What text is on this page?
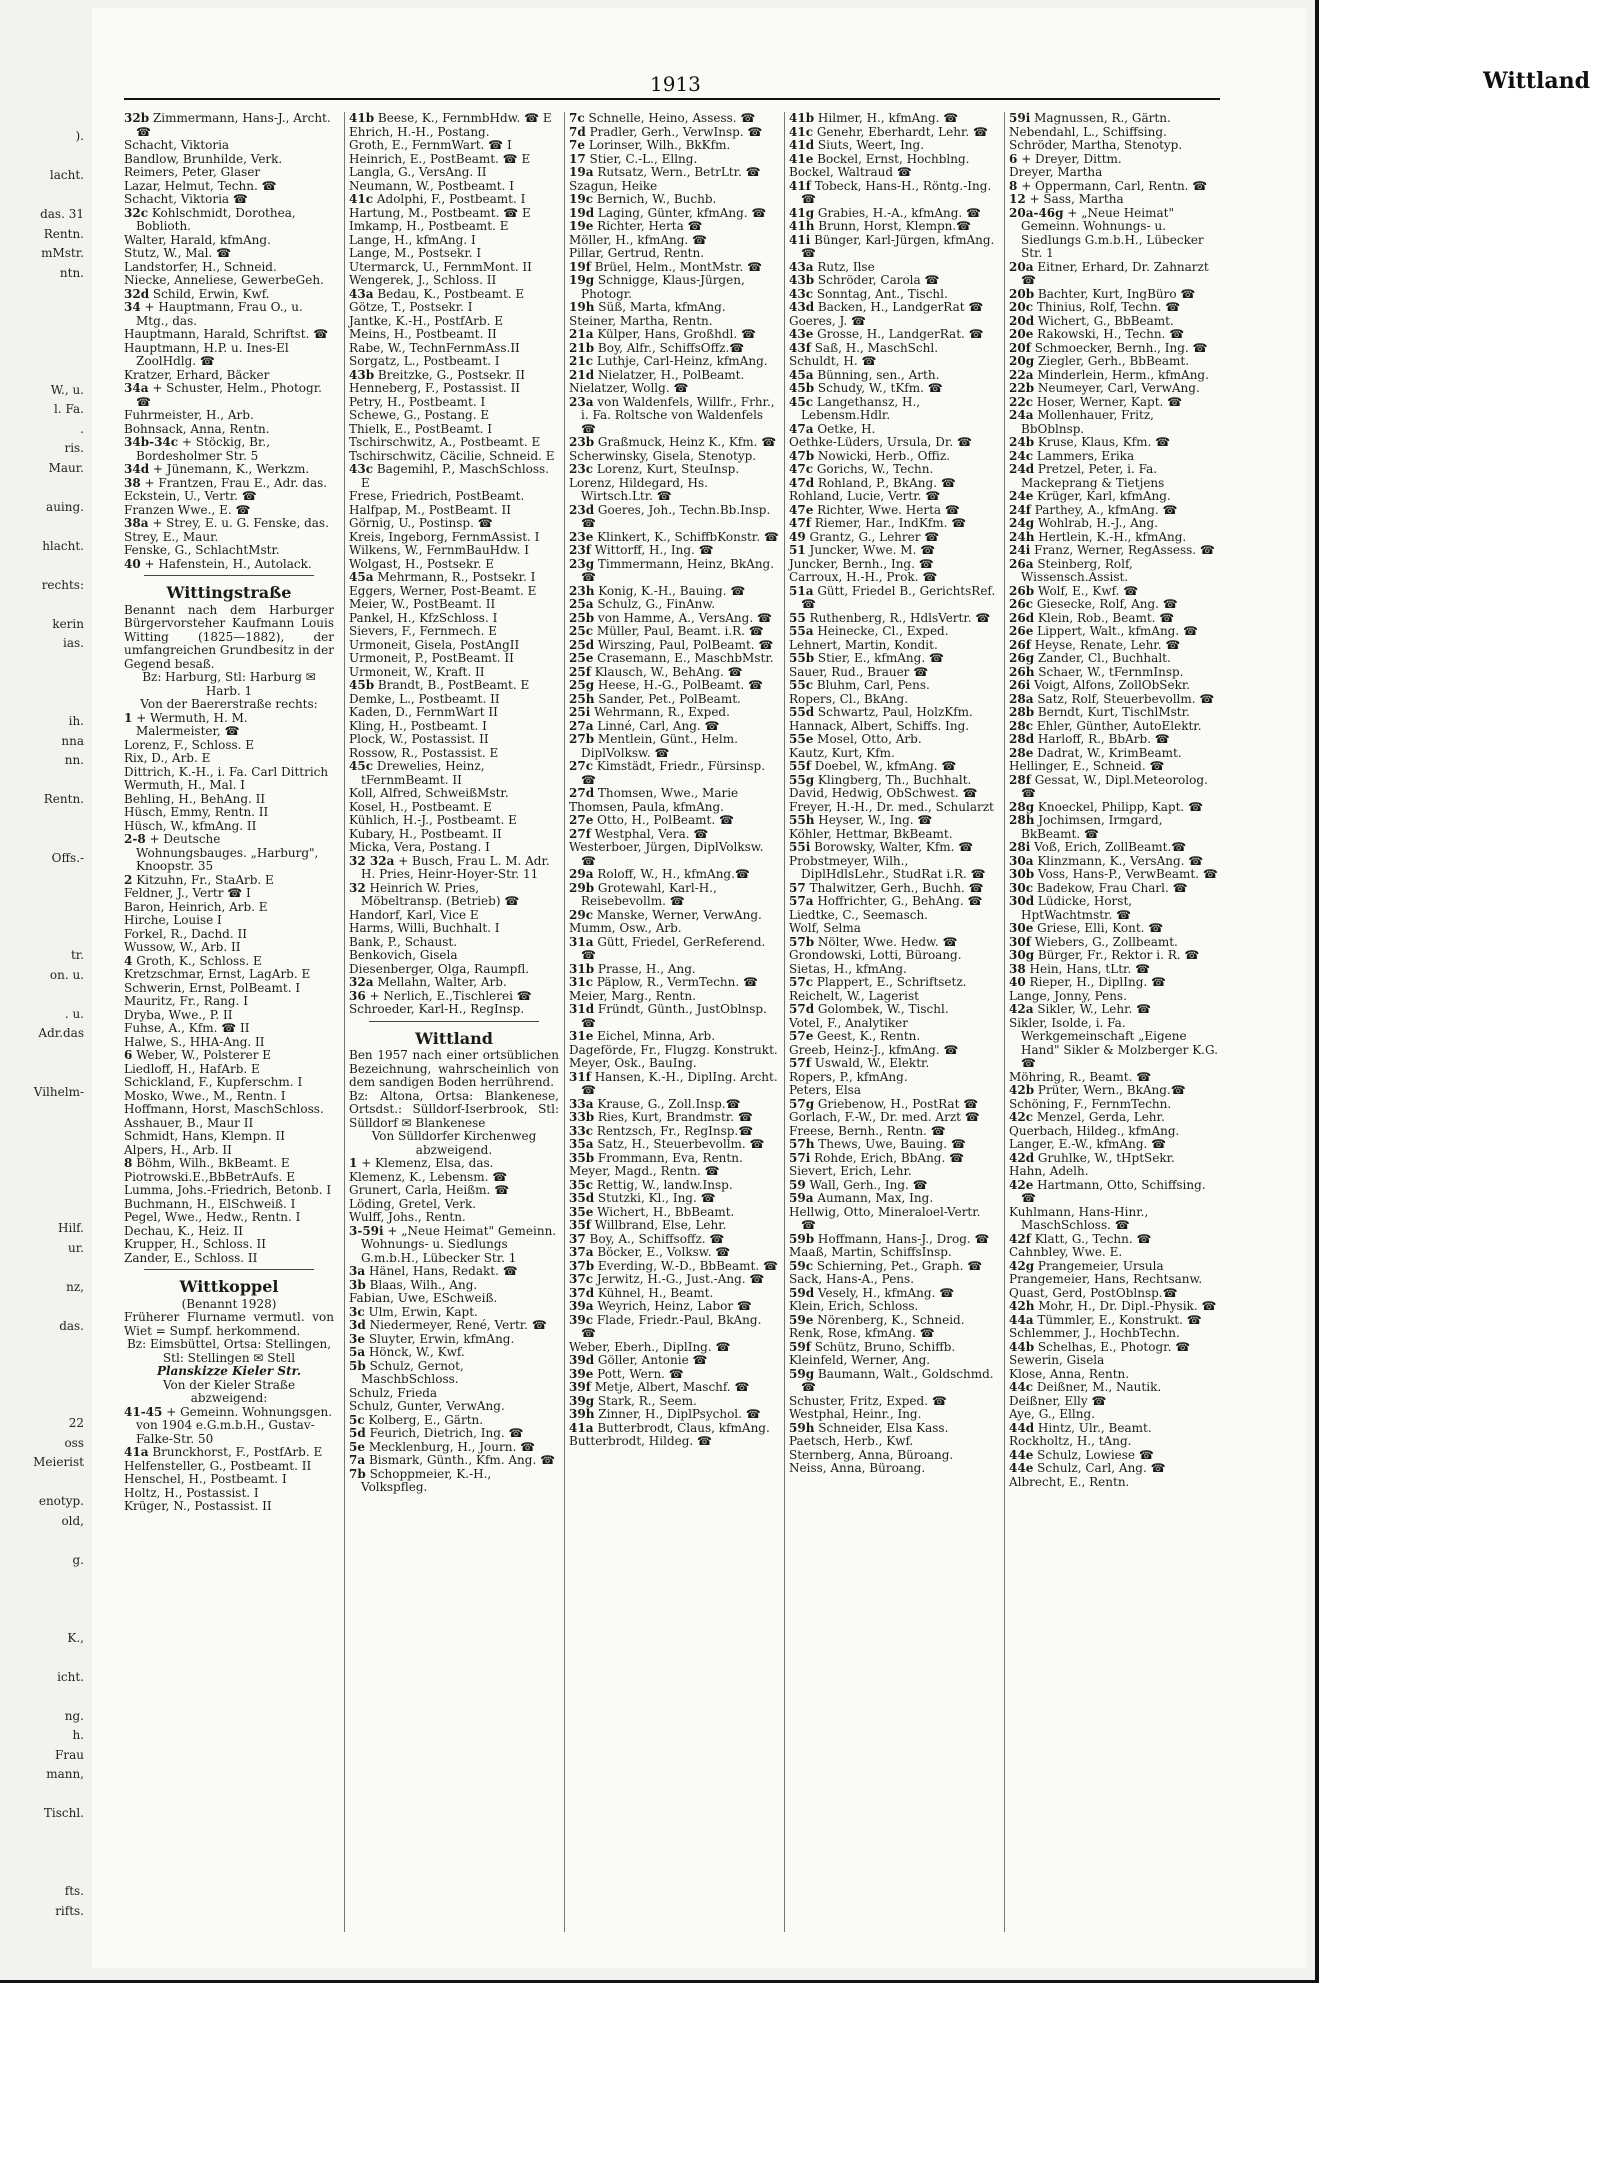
).
lacht.
das. 31
Rentn.
mMstr.
ntn.
W., u.
l. Fa.
.
ris.
Maur.
auing.
hlacht.
rechts:
kerin
ias.
ih.
nna
nn.
Rentn.
Offs.-
tr.
on. u.
. u.
Adr.das
Vilhelm-
Hilf.
ur.
nz,
das.
22
oss
Meierist
enotyp.
old,
g.
K.,
icht.
ng.
h.
Frau
mann,
Tischl.
fts.
rifts.
1913	Wittland

32b Zimmermann, Hans-J., Archt. ☎

Schacht, Viktoria

Bandlow, Brunhilde, Verk.

Reimers, Peter, Glaser

Lazar, Helmut, Techn. ☎

Schacht, Viktoria ☎

32c Kohlschmidt, Dorothea, Boblioth.

Walter, Harald, kfmAng.

Stutz, W., Mal. ☎

Landstorfer, H., Schneid.

Niecke, Anneliese, GewerbeGeh.

32d Schild, Erwin, Kwf.

34 + Hauptmann, Frau O., u. Mtg., das.

Hauptmann, Harald, Schriftst. ☎

Hauptmann, H.P. u. Ines-El ZoolHdlg. ☎

Kratzer, Erhard, Bäcker

34a + Schuster, Helm., Photogr. ☎

Fuhrmeister, H., Arb.

Bohnsack, Anna, Rentn.

34b-34c + Stöckig, Br., Bordesholmer Str. 5

34d + Jünemann, K., Werkzm.

38 + Frantzen, Frau E., Adr. das.

Eckstein, U., Vertr. ☎

Franzen Wwe., E. ☎

38a + Strey, E. u. G. Fenske, das.

Strey, E., Maur.

Fenske, G., SchlachtMstr.

40 + Hafenstein, H., Autolack.

Wittingstraße

Benannt nach dem Harburger Bürgervorsteher Kaufmann Louis Witting (1825—1882), der umfangreichen Grundbesitz in der Gegend besaß.

Bz: Harburg, Stl: Harburg ✉ Harb. 1

Von der Baererstraße rechts:

1 + Wermuth, H. M. Malermeister, ☎

Lorenz, F., Schloss. E

Rix, D., Arb. E

Dittrich, K.-H., i. Fa. Carl Dittrich

Wermuth, H., Mal. I

Behling, H., BehAng. II

Hüsch, Emmy, Rentn. II

Hüsch, W., kfmAng. II

2-8 + Deutsche Wohnungsbauges. „Harburg", Knoopstr. 35

2 Kitzuhn, Fr., StaArb. E

Feldner, J., Vertr ☎ I

Baron, Heinrich, Arb. E

Hirche, Louise I

Forkel, R., Dachd. II

Wussow, W., Arb. II

4 Groth, K., Schloss. E

Kretzschmar, Ernst, LagArb. E

Schwerin, Ernst, PolBeamt. I

Mauritz, Fr., Rang. I

Dryba, Wwe., P. II

Fuhse, A., Kfm. ☎ II

Halwe, S., HHA-Ang. II

6 Weber, W., Polsterer E

Liedloff, H., HafArb. E

Schickland, F., Kupferschm. I

Mosko, Wwe., M., Rentn. I

Hoffmann, Horst, MaschSchloss.

Asshauer, B., Maur II

Schmidt, Hans, Klempn. II

Alpers, H., Arb. II

8 Böhm, Wilh., BkBeamt. E

Piotrowski.E.,BbBetrAufs. E

Lumma, Johs.-Friedrich, Betonb. I

Buchmann, H., ElSchweiß. I

Pegel, Wwe., Hedw., Rentn. I

Dechau, K., Heiz. II

Krupper, H., Schloss. II

Zander, E., Schloss. II

Wittkoppel

(Benannt 1928)

Früherer Flurname vermutl. von Wiet = Sumpf. herkommend.

Bz: Eimsbüttel, Ortsa: Stellingen, Stl: Stellingen ✉ Stell

Planskizze Kieler Str.

Von der Kieler Straße abzweigend:

41-45 + Gemeinn. Wohnungsgen. von 1904 e.G.m.b.H., Gustav-Falke-Str. 50

41a Brunckhorst, F., PostfArb. E

Helfensteller, G., Postbeamt. II

Henschel, H., Postbeamt. I

Holtz, H., Postassist. I

Krüger, N., Postassist. II

41b Beese, K., FernmbHdw. ☎ E

Ehrich, H.-H., Postang.

Groth, E., FernmWart. ☎ I

Heinrich, E., PostBeamt. ☎ E

Langla, G., VersAng. II

Neumann, W., Postbeamt. I

41c Adolphi, F., Postbeamt. I

Hartung, M., Postbeamt. ☎ E

Imkamp, H., Postbeamt. E

Lange, H., kfmAng. I

Lange, M., Postsekr. I

Utermarck, U., FernmMont. II

Wengerek, J., Schloss. II

43a Bedau, K., Postbeamt. E

Götze, T., Postsekr. I

Jantke, K.-H., PostfArb. E

Meins, H., Postbeamt. II

Rabe, W., TechnFernmAss.II

Sorgatz, L., Postbeamt. I

43b Breitzke, G., Postsekr. II

Henneberg, F., Postassist. II

Petry, H., Postbeamt. I

Schewe, G., Postang. E

Thielk, E., PostBeamt. I

Tschirschwitz, A., Postbeamt. E

Tschirschwitz, Cäcilie, Schneid. E

43c Bagemihl, P., MaschSchloss. E

Frese, Friedrich, PostBeamt.

Halfpap, M., PostBeamt. II

Görnig, U., Postinsp. ☎

Kreis, Ingeborg, FernmAssist. I

Wilkens, W., FernmBauHdw. I

Wolgast, H., Postsekr. E

45a Mehrmann, R., Postsekr. I

Eggers, Werner, Post-Beamt. E

Meier, W., PostBeamt. II

Pankel, H., KfzSchloss. I

Sievers, F., Fernmech. E

Urmoneit, Gisela, PostAngII

Urmoneit, P., PostBeamt. II

Urmoneit, W., Kraft. II

45b Brandt, B., PostBeamt. E

Demke, L., Postbeamt. II

Kaden, D., FernmWart II

Kling, H., Postbeamt. I

Plock, W., Postassist. II

Rossow, R., Postassist. E

45c Drewelies, Heinz, tFernmBeamt. II

Koll, Alfred, SchweißMstr.

Kosel, H., Postbeamt. E

Kühlich, H.-J., Postbeamt. E

Kubary, H., Postbeamt. II

Micka, Vera, Postang. I

32 32a + Busch, Frau L. M. Adr. H. Pries, Heinr-Hoyer-Str. 11

32 Heinrich W. Pries, Möbeltransp. (Betrieb) ☎

Handorf, Karl, Vice E

Harms, Willi, Buchhalt. I

Bank, P., Schaust.

Benkovich, Gisela

Diesenberger, Olga, Raumpfl.

32a Mellahn, Walter, Arb.

36 + Nerlich, E.,Tischlerei ☎

Schroeder, Karl-H., RegInsp.

Wittland

Ben 1957 nach einer ortsüblichen Bezeichnung, wahrscheinlich von dem sandigen Boden herrührend.

Bz: Altona, Ortsa: Blankenese, Ortsdst.: Sülldorf-Iserbrook, Stl: Sülldorf ✉ Blankenese

Von Sülldorfer Kirchenweg abzweigend.

1 + Klemenz, Elsa, das.

Klemenz, K., Lebensm. ☎

Grunert, Carla, Heißm. ☎

Löding, Gretel, Verk.

Wulff, Johs., Rentn.

3-59i + „Neue Heimat" Gemeinn. Wohnungs- u. Siedlungs G.m.b.H., Lübecker Str. 1

3a Hänel, Hans, Redakt. ☎

3b Blaas, Wilh., Ang.

Fabian, Uwe, ESchweiß.

3c Ulm, Erwin, Kapt.

3d Niedermeyer, René, Vertr. ☎

3e Sluyter, Erwin, kfmAng.

5a Hönck, W., Kwf.

5b Schulz, Gernot, MaschbSchloss.

Schulz, Frieda

Schulz, Gunter, VerwAng.

5c Kolberg, E., Gärtn.

5d Feurich, Dietrich, Ing. ☎

5e Mecklenburg, H., Journ. ☎

7a Bismark, Günth., Kfm. Ang. ☎

7b Schoppmeier, K.-H., Volkspfleg.

7c Schnelle, Heino, Assess. ☎

7d Pradler, Gerh., VerwInsp. ☎

7e Lorinser, Wilh., BkKfm.

17 Stier, C.-L., Ellng.

19a Rutsatz, Wern., BetrLtr. ☎

Szagun, Heike

19c Bernich, W., Buchb.

19d Laging, Günter, kfmAng. ☎

19e Richter, Herta ☎

Möller, H., kfmAng. ☎

Pillar, Gertrud, Rentn.

19f Brüel, Helm., MontMstr. ☎

19g Schnigge, Klaus-Jürgen, Photogr.

19h Süß, Marta, kfmAng.

Steiner, Martha, Rentn.

21a Külper, Hans, Großhdl. ☎

21b Boy, Alfr., SchiffsOffz.☎

21c Luthje, Carl-Heinz, kfmAng.

21d Nielatzer, H., PolBeamt.

Nielatzer, Wollg. ☎

23a von Waldenfels, Willfr., Frhr., i. Fa. Roltsche von Waldenfels ☎

23b Graßmuck, Heinz K., Kfm. ☎

Scherwinsky, Gisela, Stenotyp.

23c Lorenz, Kurt, SteuInsp.

Lorenz, Hildegard, Hs. Wirtsch.Ltr. ☎

23d Goeres, Joh., Techn.Bb.Insp. ☎

23e Klinkert, K., SchiffbKonstr. ☎

23f Wittorff, H., Ing. ☎

23g Timmermann, Heinz, BkAng. ☎

23h Konig, K.-H., Bauing. ☎

25a Schulz, G., FinAnw.

25b von Hamme, A., VersAng. ☎

25c Müller, Paul, Beamt. i.R. ☎

25d Wirszing, Paul, PolBeamt. ☎

25e Crasemann, E., MaschbMstr.

25f Klausch, W., BehAng. ☎

25g Heese, H.-G., PolBeamt. ☎

25h Sander, Pet., PolBeamt.

25i Wehrmann, R., Exped.

27a Linné, Carl, Ang. ☎

27b Mentlein, Günt., Helm. DiplVolksw. ☎

27c Kimstädt, Friedr., Fürsinsp. ☎

27d Thomsen, Wwe., Marie

Thomsen, Paula, kfmAng.

27e Otto, H., PolBeamt. ☎

27f Westphal, Vera. ☎

Westerboer, Jürgen, DiplVolksw. ☎

29a Roloff, W., H., kfmAng.☎

29b Grotewahl, Karl-H., Reisebevollm. ☎

29c Manske, Werner, VerwAng.

Mumm, Osw., Arb.

31a Gütt, Friedel, GerReferend. ☎

31b Prasse, H., Ang.

31c Päplow, R., VermTechn. ☎

Meier, Marg., Rentn.

31d Fründt, Günth., JustOblnsp. ☎

31e Eichel, Minna, Arb.

Dageförde, Fr., Flugzg. Konstrukt.

Meyer, Osk., BauIng.

31f Hansen, K.-H., DiplIng. Archt. ☎

33a Krause, G., Zoll.Insp.☎

33b Ries, Kurt, Brandmstr. ☎

33c Rentzsch, Fr., RegInsp.☎

35a Satz, H., Steuerbevollm. ☎

35b Frommann, Eva, Rentn.

Meyer, Magd., Rentn. ☎

35c Rettig, W., landw.Insp.

35d Stutzki, Kl., Ing. ☎

35e Wichert, H., BbBeamt.

35f Willbrand, Else, Lehr.

37 Boy, A., Schiffsoffz. ☎

37a Böcker, E., Volksw. ☎

37b Everding, W.-D., BbBeamt. ☎

37c Jerwitz, H.-G., Just.-Ang. ☎

37d Kühnel, H., Beamt.

39a Weyrich, Heinz, Labor ☎

39c Flade, Friedr.-Paul, BkAng. ☎

Weber, Eberh., DiplIng. ☎

39d Göller, Antonie ☎

39e Pott, Wern. ☎

39f Metje, Albert, Maschf. ☎

39g Stark, R., Seem.

39h Zinner, H., DiplPsychol. ☎

41a Butterbrodt, Claus, kfmAng.

Butterbrodt, Hildeg. ☎

41b Hilmer, H., kfmAng. ☎

41c Genehr, Eberhardt, Lehr. ☎

41d Siuts, Weert, Ing.

41e Bockel, Ernst, Hochblng.

Bockel, Waltraud ☎

41f Tobeck, Hans-H., Röntg.-Ing. ☎

41g Grabies, H.-A., kfmAng. ☎

41h Brunn, Horst, Klempn.☎

41i Bünger, Karl-Jürgen, kfmAng. ☎

43a Rutz, Ilse

43b Schröder, Carola ☎

43c Sonntag, Ant., Tischl.

43d Backen, H., LandgerRat ☎

Goeres, J. ☎

43e Grosse, H., LandgerRat. ☎

43f Saß, H., MaschSchl.

Schuldt, H. ☎

45a Bünning, sen., Arth.

45b Schudy, W., tKfm. ☎

45c Langethansz, H., Lebensm.Hdlr.

47a Oetke, H.

Oethke-Lüders, Ursula, Dr. ☎

47b Nowicki, Herb., Offiz.

47c Gorichs, W., Techn.

47d Rohland, P., BkAng. ☎

Rohland, Lucie, Vertr. ☎

47e Richter, Wwe. Herta ☎

47f Riemer, Har., IndKfm. ☎

49 Grantz, G., Lehrer ☎

51 Juncker, Wwe. M. ☎

Juncker, Bernh., Ing. ☎

Carroux, H.-H., Prok. ☎

51a Gütt, Friedel B., GerichtsRef. ☎

55 Ruthenberg, R., HdlsVertr. ☎

55a Heinecke, Cl., Exped.

Lehnert, Martin, Kondit.

55b Stier, E., kfmAng. ☎

Sauer, Rud., Brauer ☎

55c Bluhm, Carl, Pens.

Ropers, Cl., BkAng.

55d Schwartz, Paul, HolzKfm.

Hannack, Albert, Schiffs. Ing.

55e Mosel, Otto, Arb.

Kautz, Kurt, Kfm.

55f Doebel, W., kfmAng. ☎

55g Klingberg, Th., Buchhalt.

David, Hedwig, ObSchwest. ☎

Freyer, H.-H., Dr. med., Schularzt

55h Heyser, W., Ing. ☎

Köhler, Hettmar, BkBeamt.

55i Borowsky, Walter, Kfm. ☎

Probstmeyer, Wilh., DiplHdlsLehr., StudRat i.R. ☎

57 Thalwitzer, Gerh., Buchh. ☎

57a Hoffrichter, G., BehAng. ☎

Liedtke, C., Seemasch.

Wolf, Selma

57b Nölter, Wwe. Hedw. ☎

Grondowski, Lotti, Büroang.

Sietas, H., kfmAng.

57c Plappert, E., Schriftsetz.

Reichelt, W., Lagerist

57d Golombek, W., Tischl.

Votel, F., Analytiker

57e Geest, K., Rentn.

Greeb, Heinz-J., kfmAng. ☎

57f Uswald, W., Elektr.

Ropers, P., kfmAng.

Peters, Elsa

57g Griebenow, H., PostRat ☎

Gorlach, F.-W., Dr. med. Arzt ☎

Freese, Bernh., Rentn. ☎

57h Thews, Uwe, Bauing. ☎

57i Rohde, Erich, BbAng. ☎

Sievert, Erich, Lehr.

59 Wall, Gerh., Ing. ☎

59a Aumann, Max, Ing.

Hellwig, Otto, Mineraloel-Vertr. ☎

59b Hoffmann, Hans-J., Drog. ☎

Maaß, Martin, SchiffsInsp.

59c Schierning, Pet., Graph. ☎

Sack, Hans-A., Pens.

59d Vesely, H., kfmAng. ☎

Klein, Erich, Schloss.

59e Nörenberg, K., Schneid.

Renk, Rose, kfmAng. ☎

59f Schütz, Bruno, Schiffb.

Kleinfeld, Werner, Ang.

59g Baumann, Walt., Goldschmd. ☎

Schuster, Fritz, Exped. ☎

Westphal, Heinr., Ing.

59h Schneider, Elsa Kass.

Paetsch, Herb., Kwf.

Sternberg, Anna, Büroang.

Neiss, Anna, Büroang.

59i Magnussen, R., Gärtn.

Nebendahl, L., Schiffsing.

Schröder, Martha, Stenotyp.

6 + Dreyer, Dittm.

Dreyer, Martha

8 + Oppermann, Carl, Rentn. ☎

12 + Sass, Martha

20a-46g + „Neue Heimat" Gemeinn. Wohnungs- u. Siedlungs G.m.b.H., Lübecker Str. 1

20a Eitner, Erhard, Dr. Zahnarzt ☎

20b Bachter, Kurt, IngBüro ☎

20c Thinius, Rolf, Techn. ☎

20d Wichert, G., BbBeamt.

20e Rakowski, H., Techn. ☎

20f Schmoecker, Bernh., Ing. ☎

20g Ziegler, Gerh., BbBeamt.

22a Minderlein, Herm., kfmAng.

22b Neumeyer, Carl, VerwAng.

22c Hoser, Werner, Kapt. ☎

24a Mollenhauer, Fritz, BbOblnsp.

24b Kruse, Klaus, Kfm. ☎

24c Lammers, Erika

24d Pretzel, Peter, i. Fa. Mackeprang & Tietjens

24e Krüger, Karl, kfmAng.

24f Parthey, A., kfmAng. ☎

24g Wohlrab, H.-J., Ang.

24h Hertlein, K.-H., kfmAng.

24i Franz, Werner, RegAssess. ☎

26a Steinberg, Rolf, Wissensch.Assist.

26b Wolf, E., Kwf. ☎

26c Giesecke, Rolf, Ang. ☎

26d Klein, Rob., Beamt. ☎

26e Lippert, Walt., kfmAng. ☎

26f Heyse, Renate, Lehr. ☎

26g Zander, Cl., Buchhalt.

26h Schaer, W., tFernmInsp.

26i Voigt, Alfons, ZollObSekr.

28a Satz, Rolf, Steuerbevollm. ☎

28b Berndt, Kurt, TischlMstr.

28c Ehler, Günther, AutoElektr.

28d Harloff, R., BbArb. ☎

28e Dadrat, W., KrimBeamt.

Hellinger, E., Schneid. ☎

28f Gessat, W., Dipl.Meteorolog. ☎

28g Knoeckel, Philipp, Kapt. ☎

28h Jochimsen, Irmgard, BkBeamt. ☎

28i Voß, Erich, ZollBeamt.☎

30a Klinzmann, K., VersAng. ☎

30b Voss, Hans-P., VerwBeamt. ☎

30c Badekow, Frau Charl. ☎

30d Lüdicke, Horst, HptWachtmstr. ☎

30e Griese, Elli, Kont. ☎

30f Wiebers, G., Zollbeamt.

30g Bürger, Fr., Rektor i. R. ☎

38 Hein, Hans, tLtr. ☎

40 Rieper, H., DiplIng. ☎

Lange, Jonny, Pens.

42a Sikler, W., Lehr. ☎

Sikler, Isolde, i. Fa. Werkgemeinschaft „Eigene Hand" Sikler & Molzberger K.G. ☎

Möhring, R., Beamt. ☎

42b Prüter, Wern., BkAng.☎

Schöning, F., FernmTechn.

42c Menzel, Gerda, Lehr.

Querbach, Hildeg., kfmAng.

Langer, E.-W., kfmAng. ☎

42d Gruhlke, W., tHptSekr.

Hahn, Adelh.

42e Hartmann, Otto, Schiffsing. ☎

Kuhlmann, Hans-Hinr., MaschSchloss. ☎

42f Klatt, G., Techn. ☎

Cahnbley, Wwe. E.

42g Prangemeier, Ursula

Prangemeier, Hans, Rechtsanw.

Quast, Gerd, PostOblnsp.☎

42h Mohr, H., Dr. Dipl.-Physik. ☎

44a Tümmler, E., Konstrukt. ☎

Schlemmer, J., HochbTechn.

44b Schelhas, E., Photogr. ☎

Sewerin, Gisela

Klose, Anna, Rentn.

44c Deißner, M., Nautik.

Deißner, Elly ☎

Aye, G., Ellng.

44d Hintz, Ulr., Beamt.

Rockholtz, H., tAng.

44e Schulz, Lowiese ☎

44e Schulz, Carl, Ang. ☎

Albrecht, E., Rentn.
